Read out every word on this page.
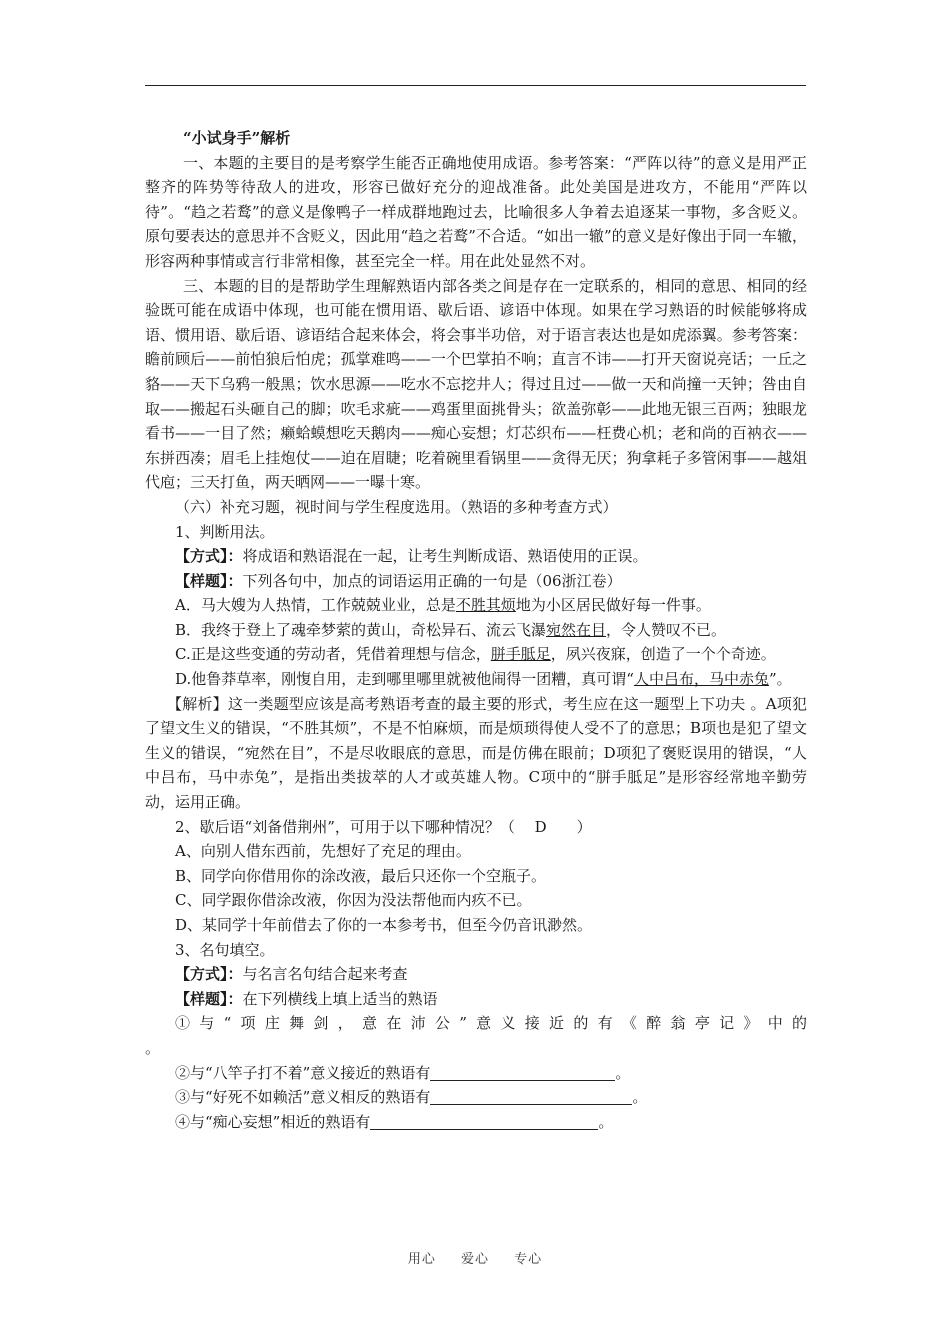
“小试身手”解析

一、本题的主要目的是考察学生能否正确地使用成语。参考答案：“严阵以待”的意义是用严正整齐的阵势等待敌人的进攻，形容已做好充分的迎战准备。此处美国是进攻方，不能用“严阵以待”。“趋之若鹜”的意义是像鸭子一样成群地跑过去，比喻很多人争着去追逐某一事物，多含贬义。原句要表达的意思并不含贬义，因此用“趋之若鹜”不合适。“如出一辙”的意义是好像出于同一车辙，形容两种事情或言行非常相像，甚至完全一样。用在此处显然不对。

三、本题的目的是帮助学生理解熟语内部各类之间是存在一定联系的，相同的意思、相同的经验既可能在成语中体现，也可能在惯用语、歇后语、谚语中体现。如果在学习熟语的时候能够将成语、惯用语、歇后语、谚语结合起来体会，将会事半功倍，对于语言表达也是如虎添翼。参考答案：瞻前顾后——前怕狼后怕虎；孤掌难鸣——一个巴掌拍不响；直言不讳——打开天窗说亮话；一丘之貉——天下乌鸦一般黑；饮水思源——吃水不忘挖井人；得过且过——做一天和尚撞一天钟；咎由自取——搬起石头砸自己的脚；吹毛求疵——鸡蛋里面挑骨头；欲盖弥彰——此地无银三百两；独眼龙看书——一目了然；癞蛤蟆想吃天鹅肉——痴心妄想；灯芯织布——枉费心机；老和尚的百衲衣——东拼西凑；眉毛上挂炮仗——迫在眉睫；吃着碗里看锅里——贪得无厌；狗拿耗子多管闲事——越俎代庖；三天打鱼，两天晒网——一曝十寒。

（六）补充习题，视时间与学生程度选用。（熟语的多种考查方式）

1、判断用法。

【方式】：将成语和熟语混在一起，让考生判断成语、熟语使用的正误。

【样题】：下列各句中，加点的词语运用正确的一句是（06浙江卷）

A．马大嫂为人热情，工作兢兢业业，总是不胜其烦地为小区居民做好每一件事。

B．我终于登上了魂牵梦萦的黄山，奇松异石、流云飞瀑宛然在目，令人赞叹不已。

C.正是这些变通的劳动者，凭借着理想与信念，胼手胝足，夙兴夜寐，创造了一个个奇迹。

D.他鲁莽草率，刚愎自用，走到哪里哪里就被他闹得一团糟，真可谓“人中吕布，马中赤兔”。

【解析】这一类题型应该是高考熟语考查的最主要的形式，考生应在这一题型上下功夫 。A项犯了望文生义的错误，“不胜其烦”，不是不怕麻烦，而是烦琐得使人受不了的意思；B项也是犯了望文生义的错误，“宛然在目”，不是尽收眼底的意思，而是仿佛在眼前；D项犯了褒贬误用的错误，“人中吕布，马中赤兔”，是指出类拔萃的人才或英雄人物。C项中的“胼手胝足”是形容经常地辛勤劳动，运用正确。

2、歇后语“刘备借荆州”，可用于以下哪种情况？（　 D　　）

A、向别人借东西前，先想好了充足的理由。

B、同学向你借用你的涂改液，最后只还你一个空瓶子。

C、同学跟你借涂改液，你因为没法帮他而内疚不已。

D、某同学十年前借去了你的一本参考书，但至今仍音讯渺然。

3、名句填空。

【方式】：与名言名句结合起来考查

【样题】：在下列横线上填上适当的熟语

①与“项庄舞剑，意在沛公”意义接近的有《醉翁亭记》中的

。

②与“八竿子打不着”意义接近的熟语有	。

③与“好死不如赖活”意义相反的熟语有	。

④与“痴心妄想”相近的熟语有	。

用心 爱心 专心
